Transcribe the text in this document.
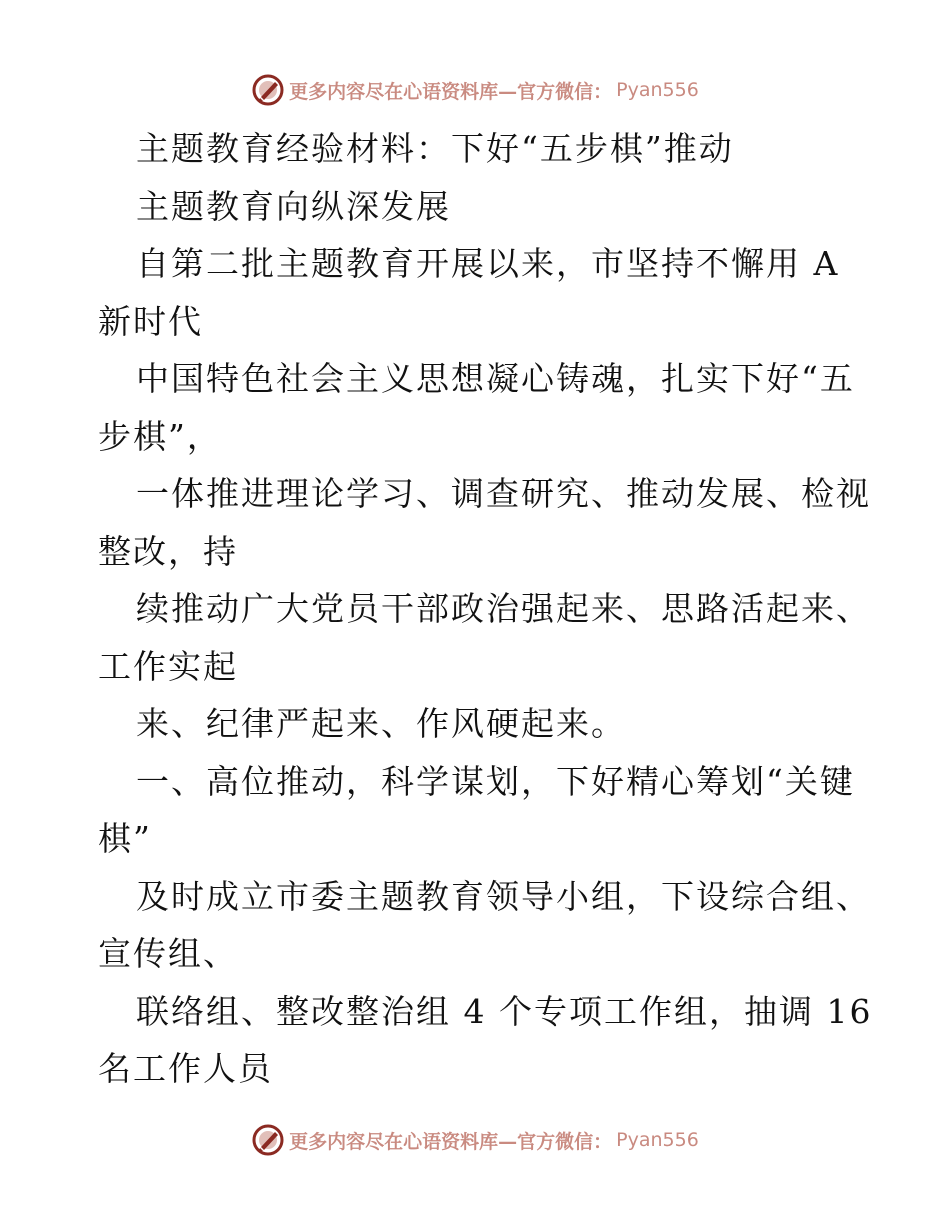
更多内容尽在心语资料库—官方微信： Pyan556
主题教育经验材料：下好“五步棋”推动
主题教育向纵深发展
自第二批主题教育开展以来，市坚持不懈用 A
新时代
中国特色社会主义思想凝心铸魂，扎实下好“五
步棋”，
一体推进理论学习、调查研究、推动发展、检视
整改，持
续推动广大党员干部政治强起来、思路活起来、
工作实起
来、纪律严起来、作风硬起来。
一、高位推动，科学谋划，下好精心筹划“关键
棋”
及时成立市委主题教育领导小组，下设综合组、
宣传组、
联络组、整改整治组 4 个专项工作组，抽调 16
名工作人员
更多内容尽在心语资料库—官方微信： Pyan556
